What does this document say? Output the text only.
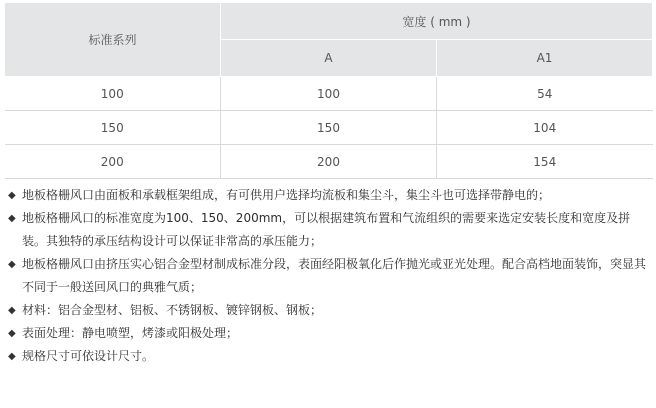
标准系列	宽度 ( mm )	
	A	A1
100	100	54
150	150	104
200	200	154
◆ 地板格栅风口由面板和承载框架组成，有可供用户选择均流板和集尘斗，集尘斗也可选择带静电的；
◆ 地板格栅风口的标准宽度为100、150、200mm，可以根据建筑布置和气流组织的需要来选定安装长度和宽度及拼装。其独特的承压结构设计可以保证非常高的承压能力；
◆ 地板格栅风口由挤压实心铝合金型材制成标准分段，表面经阳极氧化后作抛光或亚光处理。配合高档地面装饰，突显其不同于一般送回风口的典雅气质；
◆ 材料：铝合金型材、铝板、不锈钢板、镀锌钢板、钢板；
◆ 表面处理：静电喷塑，烤漆或阳极处理；
◆ 规格尺寸可依设计尺寸。
